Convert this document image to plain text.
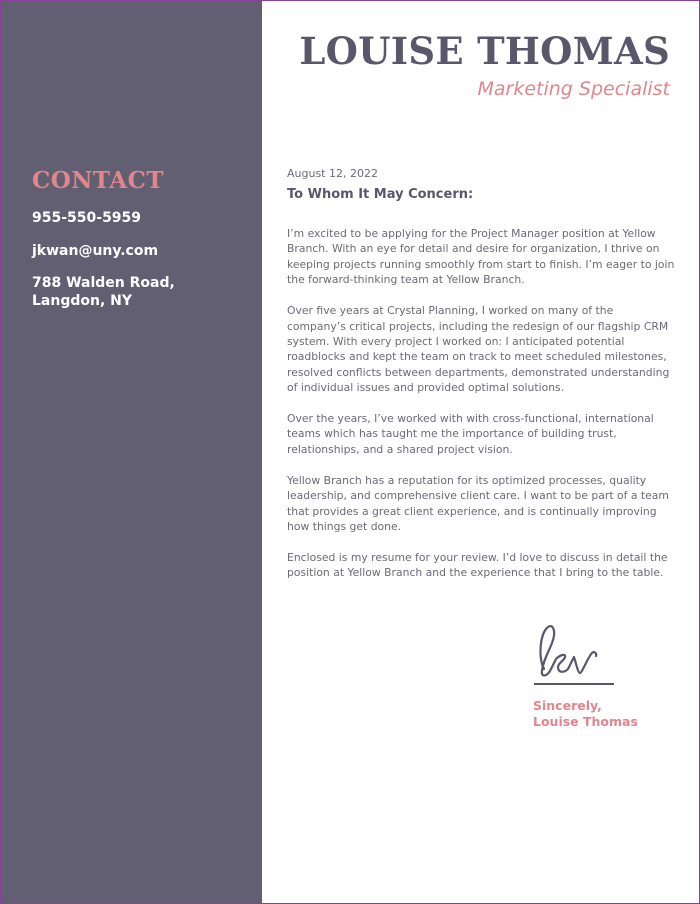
CONTACT
955-550-5959
jkwan@uny.com
788 Walden Road,
Langdon, NY
LOUISE THOMAS
Marketing Specialist
August 12, 2022
To Whom It May Concern:

I’m excited to be applying for the Project Manager position at Yellow Branch. With an eye for detail and desire for organization, I thrive on keeping projects running smoothly from start to finish. I’m eager to join the forward-thinking team at Yellow Branch.

Over five years at Crystal Planning, I worked on many of the company’s critical projects, including the redesign of our flagship CRM system. With every project I worked on: I anticipated potential roadblocks and kept the team on track to meet scheduled milestones, resolved conflicts between departments, demonstrated understanding of individual issues and provided optimal solutions.

Over the years, I’ve worked with with cross-functional, international teams which has taught me the importance of building trust, relationships, and a shared project vision.

Yellow Branch has a reputation for its optimized processes, quality leadership, and comprehensive client care. I want to be part of a team that provides a great client experience, and is continually improving how things get done.

Enclosed is my resume for your review. I’d love to discuss in detail the position at Yellow Branch and the experience that I bring to the table.

Sincerely,
Louise Thomas
